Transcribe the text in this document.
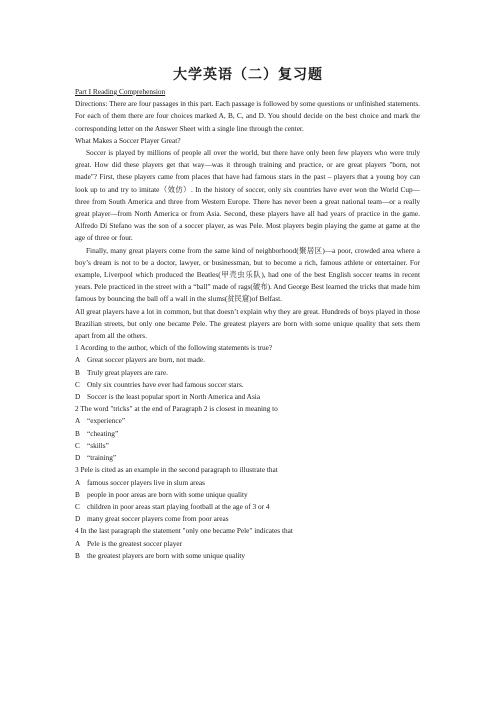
大学英语（二）复习题

Part I Reading Comprehension

Directions: There are four passages in this part. Each passage is followed by some questions or unfinished statements. For each of them there are four choices marked A, B, C, and D. You should decide on the best choice and mark the corresponding letter on the Answer Sheet with a single line through the center.

What Makes a Soccer Player Great?

Soccer is played by millions of people all over the world, but there have only been few players who were truly great. How did these players get that way—was it through training and practice, or are great players "born, not made"? First, these players came from places that have had famous stars in the past – players that a young boy can look up to and try to imitate（效仿）. In the history of soccer, only six countries have ever won the World Cup—three from South America and three from Western Europe. There has never been a great national team—or a really great player—from North America or from Asia. Second, these players have all had years of practice in the game. Alfredo Di Stefano was the son of a soccer player, as was Pele. Most players begin playing the game at game at the age of three or four.

Finally, many great players come from the same kind of neighborhood(聚居区)—a poor, crowded area where a boy’s dream is not to be a doctor, lawyer, or businessman, but to become a rich, famous athlete or entertainer. For example, Liverpool which produced the Beatles(甲壳虫乐队), had one of the best English soccer teams in recent years. Pele practiced in the street with a “ball” made of rags(破布). And George Best learned the tricks that made him famous by bouncing the ball off a wall in the slums(贫民窟)of Belfast.

All great players have a lot in common, but that doesn’t explain why they are great. Hundreds of boys played in those Brazilian streets, but only one became Pele. The greatest players are born with some unique quality that sets them apart from all the others.

1 Acording to the author, which of the following statements is true?

A Great soccer players are born, not made.
B Truly great players are rare.
C Only six countries have ever had famous soccer stars.
D Soccer is the least popular sport in North America and Asia

2 The word "tricks" at the end of Paragraph 2 is closest in meaning to

A “experience”
B “cheating”
C “skills”
D “training”

3 Pele is cited as an example in the second paragraph to illustrate that

A famous soccer players live in slum areas
B people in poor areas are born with some unique quality
C children in poor areas start playing football at the age of 3 or 4
D many great soccer players come from poor areas

4 In the last paragraph the statement "only one became Pele" indicates that

A Pele is the greatest soccer player
B the greatest players are born with some unique quality
